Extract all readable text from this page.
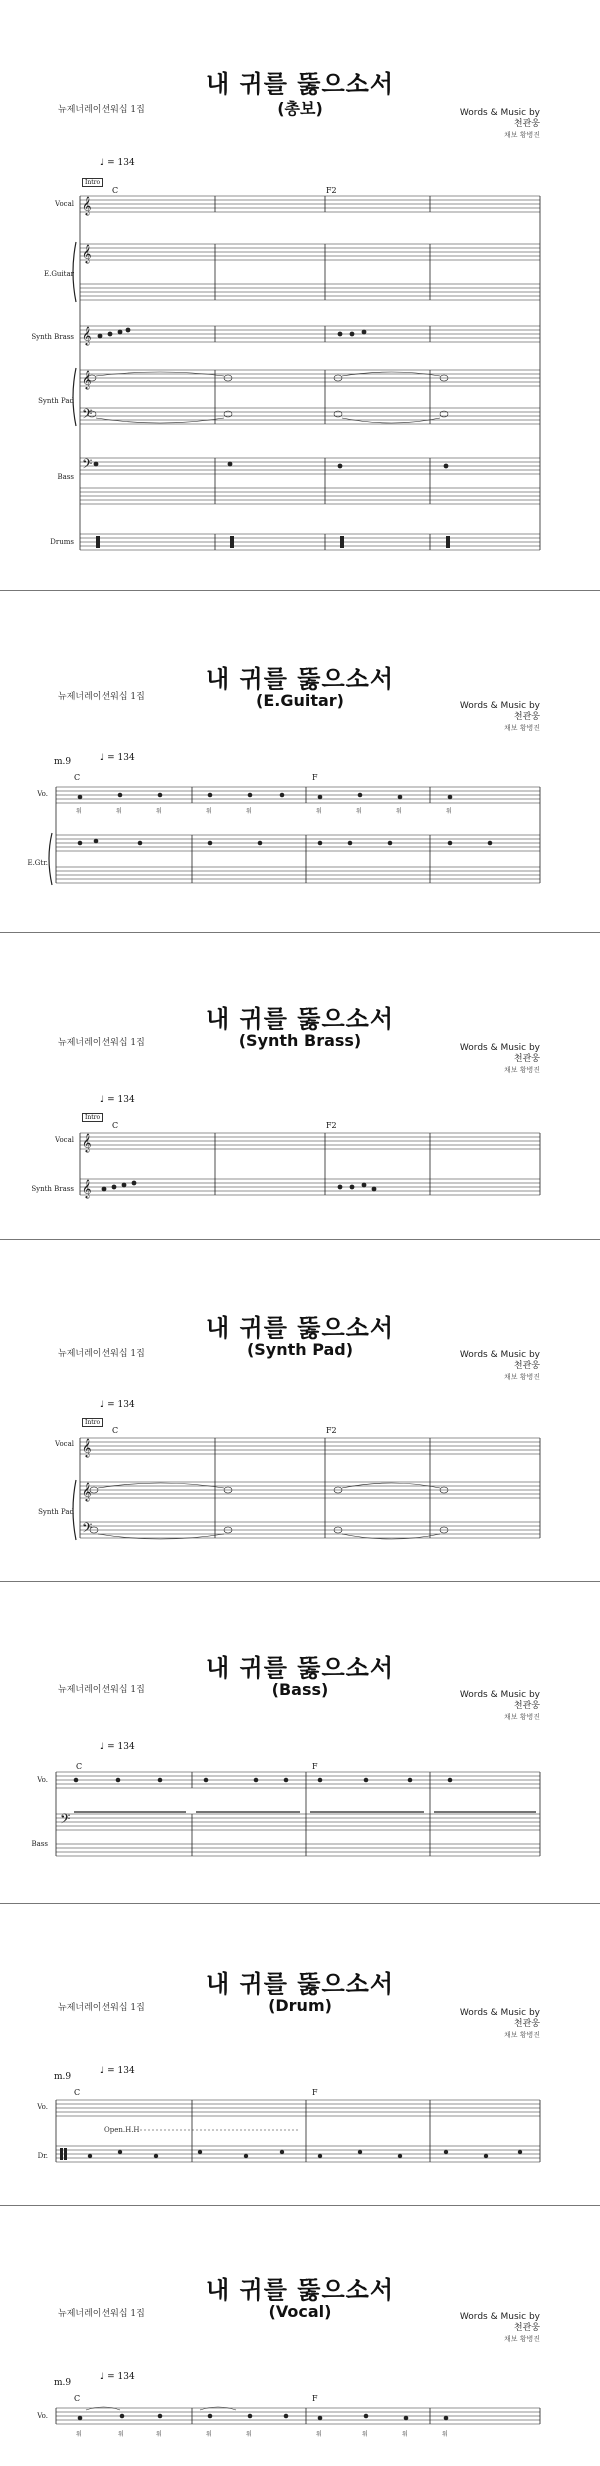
내 귀를 뚫으소서
(총보)
뉴제너레이션워십 1집	Words & Music by
천관웅
채보 황병진
♩ = 134
Intro
C	F2
Vocal
E.Guitar
Synth Brass
Synth Pad
Bass
Drums
𝄞
𝄞
𝄞
𝄞
𝄢
𝄢
내 귀를 뚫으소서
(E.Guitar)
뉴제너레이션워십 1집
Words & Music by
천관웅
채보 황병진
m.9	♩ = 134
C	F
Vo.
E.Gtr.
워	워	워	워	워	워	워	워	워
내 귀를 뚫으소서
(Synth Brass)
뉴제너레이션워십 1집	Words & Music by
천관웅
채보 황병진
♩ = 134
Intro
C	F2
Vocal
Synth Brass
𝄞
𝄞
내 귀를 뚫으소서
(Synth Pad)
뉴제너레이션워십 1집	Words & Music by
천관웅
채보 황병진
♩ = 134
Intro
C	F2
Vocal
Synth Pad
𝄞
𝄞
𝄢
내 귀를 뚫으소서
(Bass)
뉴제너레이션워십 1집	Words & Music by
천관웅
채보 황병진
♩ = 134
C	F
Vo.
Bass
𝄢
내 귀를 뚫으소서
(Drum)
뉴제너레이션워십 1집	Words & Music by
천관웅
채보 황병진
m.9
♩ = 134
C	F
Open.H.H
Vo.
Dr.
내 귀를 뚫으소서
(Vocal)
뉴제너레이션워십 1집	Words & Music by
천관웅
채보 황병진
m.9
♩ = 134
C	F
Vo.
워	워	워	워	워	워	워	워	워
